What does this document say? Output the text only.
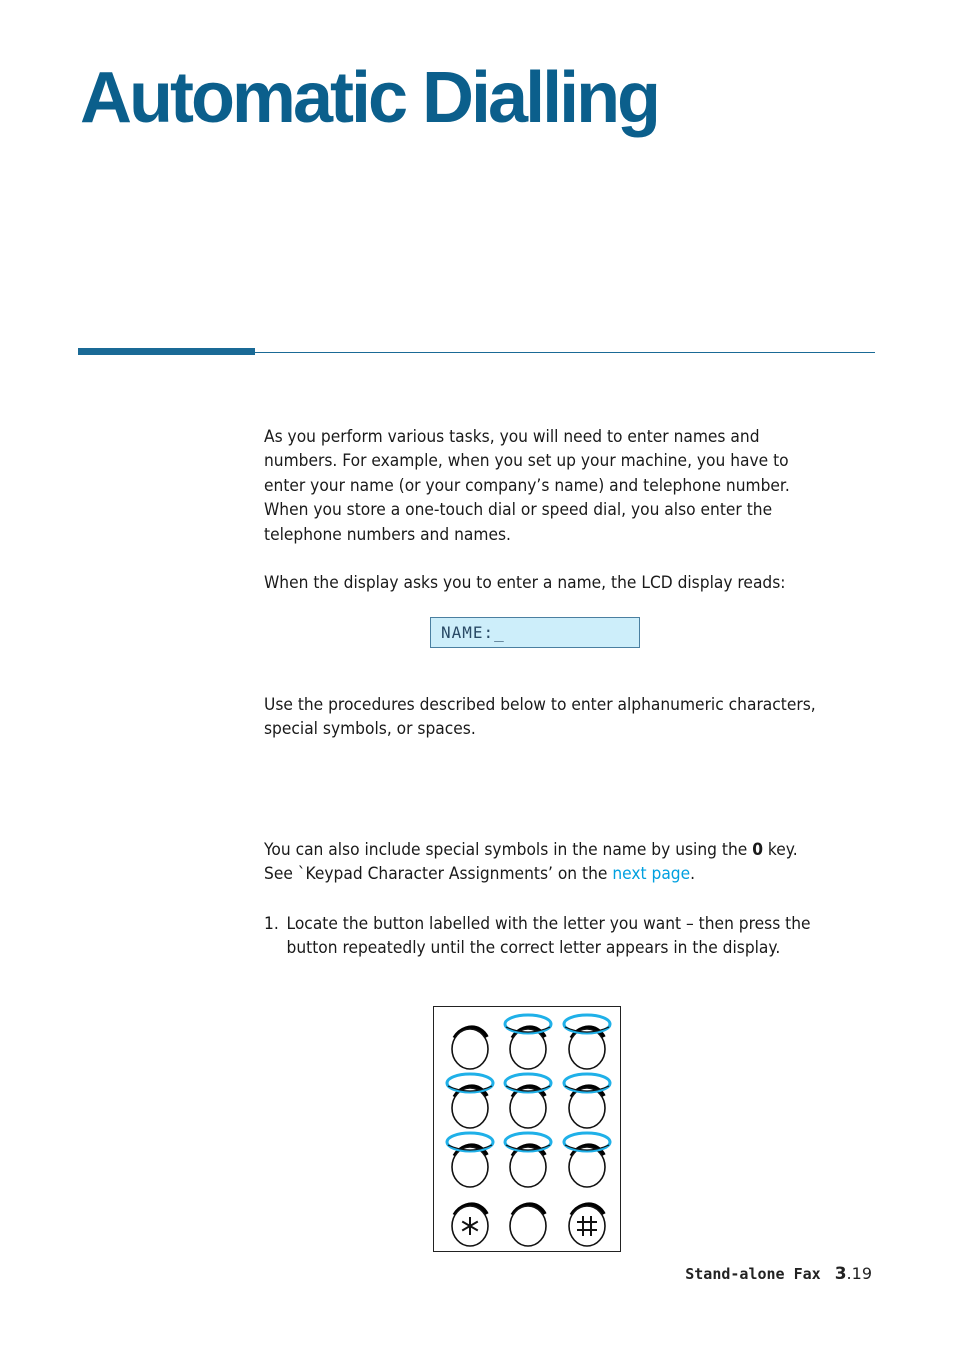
Automatic Dialling

As you perform various tasks, you will need to enter names and numbers. For example, when you set up your machine, you have to enter your name (or your company’s name) and telephone number. When you store a one-touch dial or speed dial, you also enter the telephone numbers and names.

When the display asks you to enter a name, the LCD display reads:

NAME:_

Use the procedures described below to enter alphanumeric characters, special symbols, or spaces.

You can also include special symbols in the name by using the 0 key.
See `Keypad Character Assignments’ on the next page.

1. Locate the button labelled with the letter you want – then press the button repeatedly until the correct letter appears in the display.

Stand-alone Fax 3 .19
